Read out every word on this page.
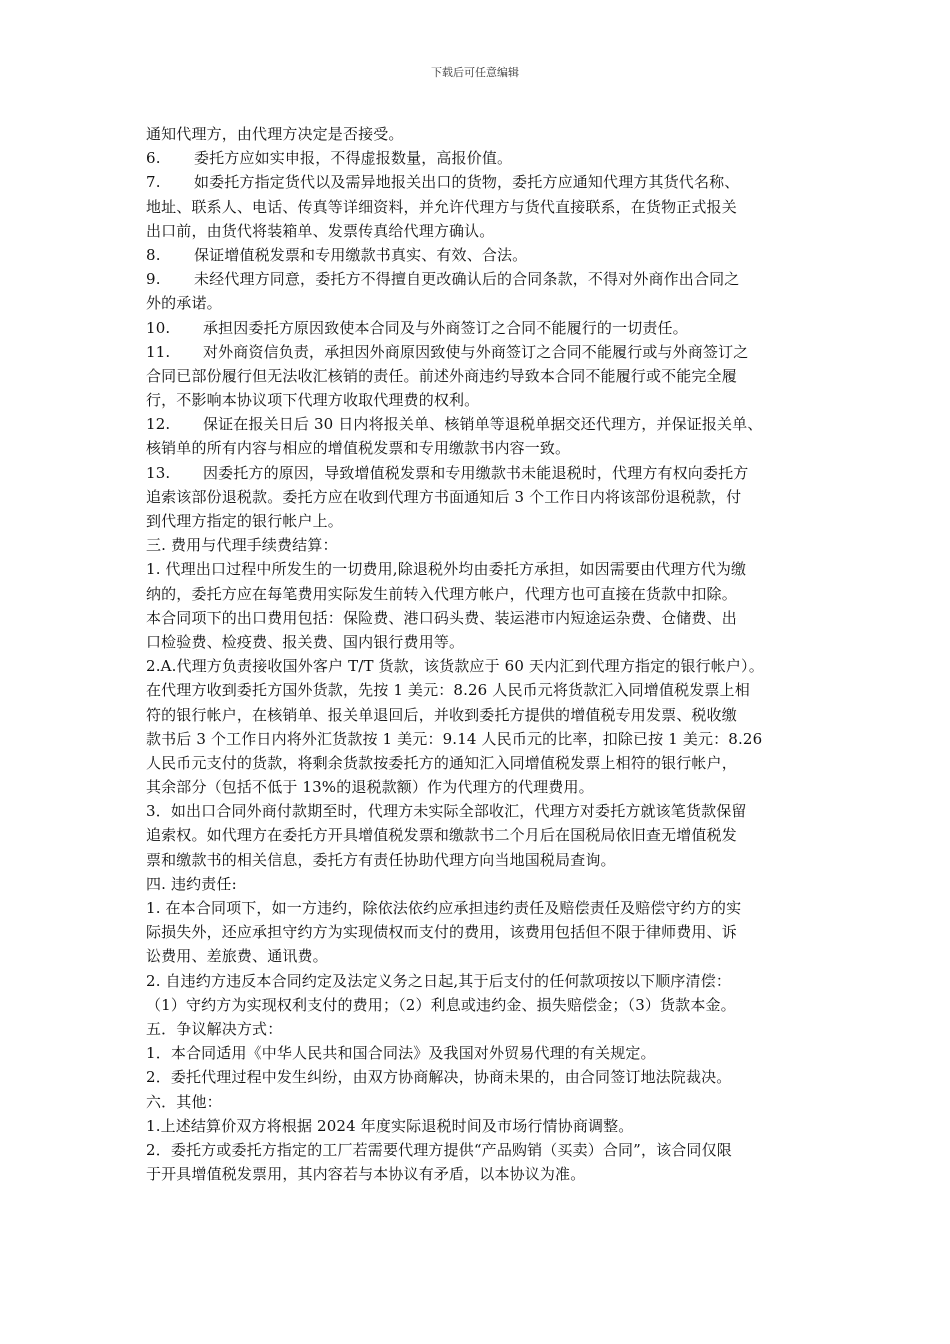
下载后可任意编辑
通知代理方，由代理方决定是否接受。
6. 委托方应如实申报，不得虚报数量，高报价值。
7. 如委托方指定货代以及需异地报关出口的货物，委托方应通知代理方其货代名称、
地址、联系人、电话、传真等详细资料，并允许代理方与货代直接联系，在货物正式报关
出口前，由货代将装箱单、发票传真给代理方确认。
8. 保证增值税发票和专用缴款书真实、有效、合法。
9. 未经代理方同意，委托方不得擅自更改确认后的合同条款，不得对外商作出合同之
外的承诺。
10. 承担因委托方原因致使本合同及与外商签订之合同不能履行的一切责任。
11. 对外商资信负责，承担因外商原因致使与外商签订之合同不能履行或与外商签订之
合同已部份履行但无法收汇核销的责任。前述外商违约导致本合同不能履行或不能完全履
行，不影响本协议项下代理方收取代理费的权利。
12. 保证在报关日后 30 日内将报关单、核销单等退税单据交还代理方，并保证报关单、
核销单的所有内容与相应的增值税发票和专用缴款书内容一致。
13. 因委托方的原因，导致增值税发票和专用缴款书未能退税时，代理方有权向委托方
追索该部份退税款。委托方应在收到代理方书面通知后 3 个工作日内将该部份退税款，付
到代理方指定的银行帐户上。
三. 费用与代理手续费结算：
1. 代理出口过程中所发生的一切费用,除退税外均由委托方承担，如因需要由代理方代为缴
纳的，委托方应在每笔费用实际发生前转入代理方帐户，代理方也可直接在货款中扣除。
本合同项下的出口费用包括：保险费、港口码头费、装运港市内短途运杂费、仓储费、出
口检验费、检疫费、报关费、国内银行费用等。
2.A.代理方负责接收国外客户 T/T 货款，该货款应于 60 天内汇到代理方指定的银行帐户）。
在代理方收到委托方国外货款，先按 1 美元：8.26 人民币元将货款汇入同增值税发票上相
符的银行帐户，在核销单、报关单退回后，并收到委托方提供的增值税专用发票、税收缴
款书后 3 个工作日内将外汇货款按 1 美元：9.14 人民币元的比率，扣除已按 1 美元：8.26
人民币元支付的货款，将剩余货款按委托方的通知汇入同增值税发票上相符的银行帐户，
其余部分（包括不低于 13%的退税款额）作为代理方的代理费用。
3．如出口合同外商付款期至时，代理方未实际全部收汇，代理方对委托方就该笔货款保留
追索权。如代理方在委托方开具增值税发票和缴款书二个月后在国税局依旧查无增值税发
票和缴款书的相关信息，委托方有责任协助代理方向当地国税局查询。
四. 违约责任:
1. 在本合同项下，如一方违约，除依法依约应承担违约责任及赔偿责任及赔偿守约方的实
际损失外，还应承担守约方为实现债权而支付的费用，该费用包括但不限于律师费用、诉
讼费用、差旅费、通讯费。
2. 自违约方违反本合同约定及法定义务之日起,其于后支付的任何款项按以下顺序清偿：
（1）守约方为实现权利支付的费用；（2）利息或违约金、损失赔偿金；（3）货款本金。
五．争议解决方式：
1．本合同适用《中华人民共和国合同法》及我国对外贸易代理的有关规定。
2．委托代理过程中发生纠纷，由双方协商解决，协商未果的，由合同签订地法院裁决。
六．其他：
1.上述结算价双方将根据 2024 年度实际退税时间及市场行情协商调整。
2．委托方或委托方指定的工厂若需要代理方提供“产品购销（买卖）合同”，该合同仅限
于开具增值税发票用，其内容若与本协议有矛盾，以本协议为准。
